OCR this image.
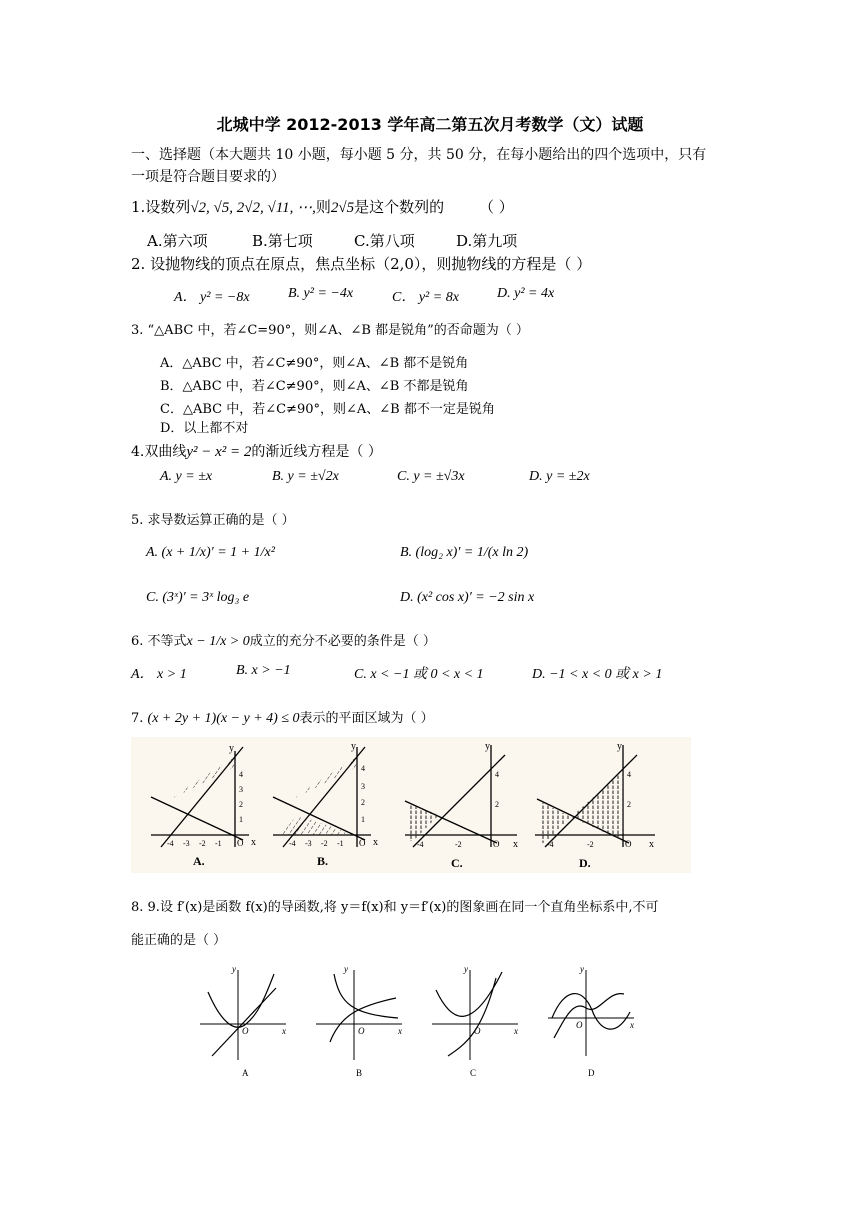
北城中学 2012-2013 学年高二第五次月考数学（文）试题
一、选择题（本大题共 10 小题，每小题 5 分，共 50 分，在每小题给出的四个选项中，只有
一项是符合题目要求的）
1.设数列√2, √5, 2√2, √11, ⋯,则2√5是这个数列的 （ ）
A.第六项	B.第七项	C.第八项	D.第九项
2. 设抛物线的顶点在原点，焦点坐标（2,0），则抛物线的方程是（ ）
A． y² = −8x	B. y² = −4x	C． y² = 8x	D. y² = 4x
3. “△ABC 中，若∠C=90°，则∠A、∠B 都是锐角”的否命题为（ ）
A．△ABC 中，若∠C≠90°，则∠A、∠B 都不是锐角
B．△ABC 中，若∠C≠90°，则∠A、∠B 不都是锐角
C．△ABC 中，若∠C≠90°，则∠A、∠B 都不一定是锐角
D．以上都不对
4.双曲线y² − x² = 2的渐近线方程是（ ）
A. y = ±x	B. y = ±√2x	C. y = ±√3x	D. y = ±2x
5. 求导数运算正确的是（ ）
A. (x + 1/x)′ = 1 + 1/x²	B. (log₂ x)′ = 1/(x ln 2)
C. (3ˣ)′ = 3ˣ log₃ e	D. (x² cos x)′ = −2 sin x
6. 不等式x − 1/x > 0成立的充分不必要的条件是（ ）
A． x > 1	B. x > −1	C. x < −1 或 0 < x < 1	D. −1 < x < 0 或 x > 1
7. (x + 2y + 1)(x − y + 4) ≤ 0表示的平面区域为（ ）
y
x
O
4
3
2
1
-4 -3 -2 -1
A.
y
x
O
4
3
2
1
-4 -3 -2 -1
B.
y
x
O
4
2
-4	-2
C.
y
x
O
4
2
-4	-2
D.
8. 9.设 f′(x)是函数 f(x)的导函数,将 y＝f(x)和 y＝f′(x)的图象画在同一个直角坐标系中,不可
能正确的是（ ）
y
x
O
A
y
x
O
B
y
x
O
C
y
x
O
D
